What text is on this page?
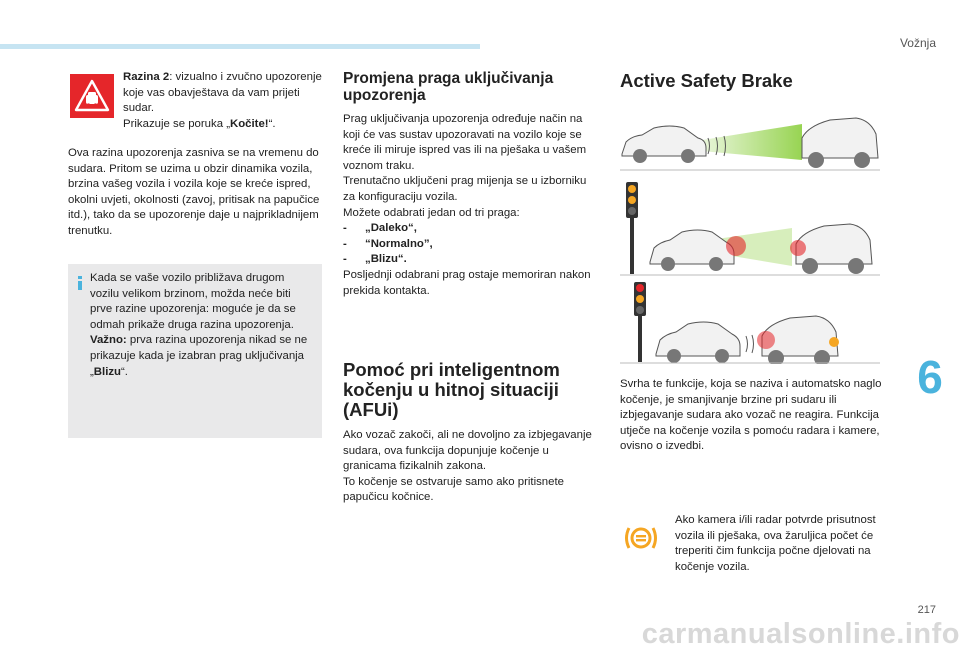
Vožnja
6
217
Razina 2: vizualno i zvučno upozorenje koje vas obavještava da vam prijeti sudar.
Prikazuje se poruka „Kočite!“.

Ova razina upozorenja zasniva se na vremenu do sudara. Pritom se uzima u obzir dinamika vozila, brzina vašeg vozila i vozila koje se kreće ispred, okolni uvjeti, okolnosti (zavoj, pritisak na papučice itd.), tako da se upozorenje daje u najprikladnijem trenutku.

Kada se vaše vozilo približava drugom vozilu velikom brzinom, možda neće biti prve razine upozorenja: moguće je da se odmah prikaže druga razina upozorenja.
Važno: prva razina upozorenja nikad se ne prikazuje kada je izabran prag uključivanja „Blizu“.
Promjena praga uključivanja upozorenja

Prag uključivanja upozorenja određuje način na koji će vas sustav upozoravati na vozilo koje se kreće ili miruje ispred vas ili na pješaka u vašem voznom traku.

Trenutačno uključeni prag mijenja se u izborniku za konfiguraciju vozila.

Možete odabrati jedan od tri praga:

- „Daleko“,
- “Normalno”,
- „Blizu“.

Posljednji odabrani prag ostaje memoriran nakon prekida kontakta.

Pomoć pri inteligentnom kočenju u hitnoj situaciji (AFUi)

Ako vozač zakoči, ali ne dovoljno za izbjegavanje sudara, ova funkcija dopunjuje kočenje u granicama fizikalnih zakona.

To kočenje se ostvaruje samo ako pritisnete papučicu kočnice.

Active Safety Brake

Svrha te funkcije, koja se naziva i automatsko naglo kočenje, je smanjivanje brzine pri sudaru ili izbjegavanje sudara ako vozač ne reagira. Funkcija utječe na kočenje vozila s pomoću radara i kamere, ovisno o izvedbi.

Ako kamera i/ili radar potvrde prisutnost vozila ili pješaka, ova žaruljica počet će treperiti čim funkcija počne djelovati na kočenje vozila.

carmanualsonline.info
